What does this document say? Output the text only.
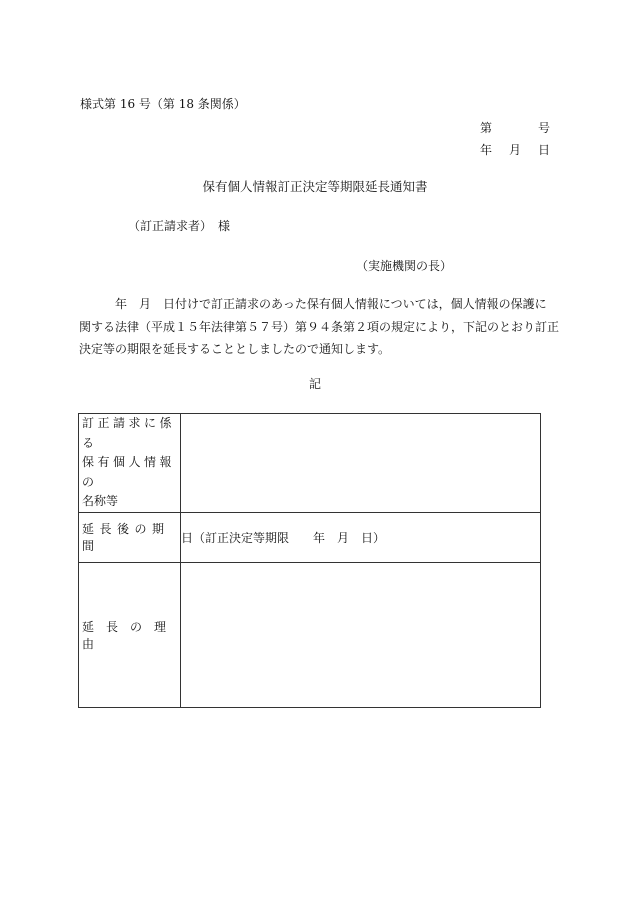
様式第 16 号（第 18 条関係）
第	号
年 月 日
保有個人情報訂正決定等期限延長通知書
（訂正請求者）　様
（実施機関の長）
　　　年　月　日付けで訂正請求のあった保有個人情報については，個人情報の保護に
関する法律（平成１５年法律第５７号）第９４条第２項の規定により，下記のとおり訂正
決定等の期限を延長することとしましたので通知します。
記
訂正請求に係る
保有個人情報の
名称等	

延長後の期間	日（訂正決定等期限　　年　月　日）
延長の理由	
